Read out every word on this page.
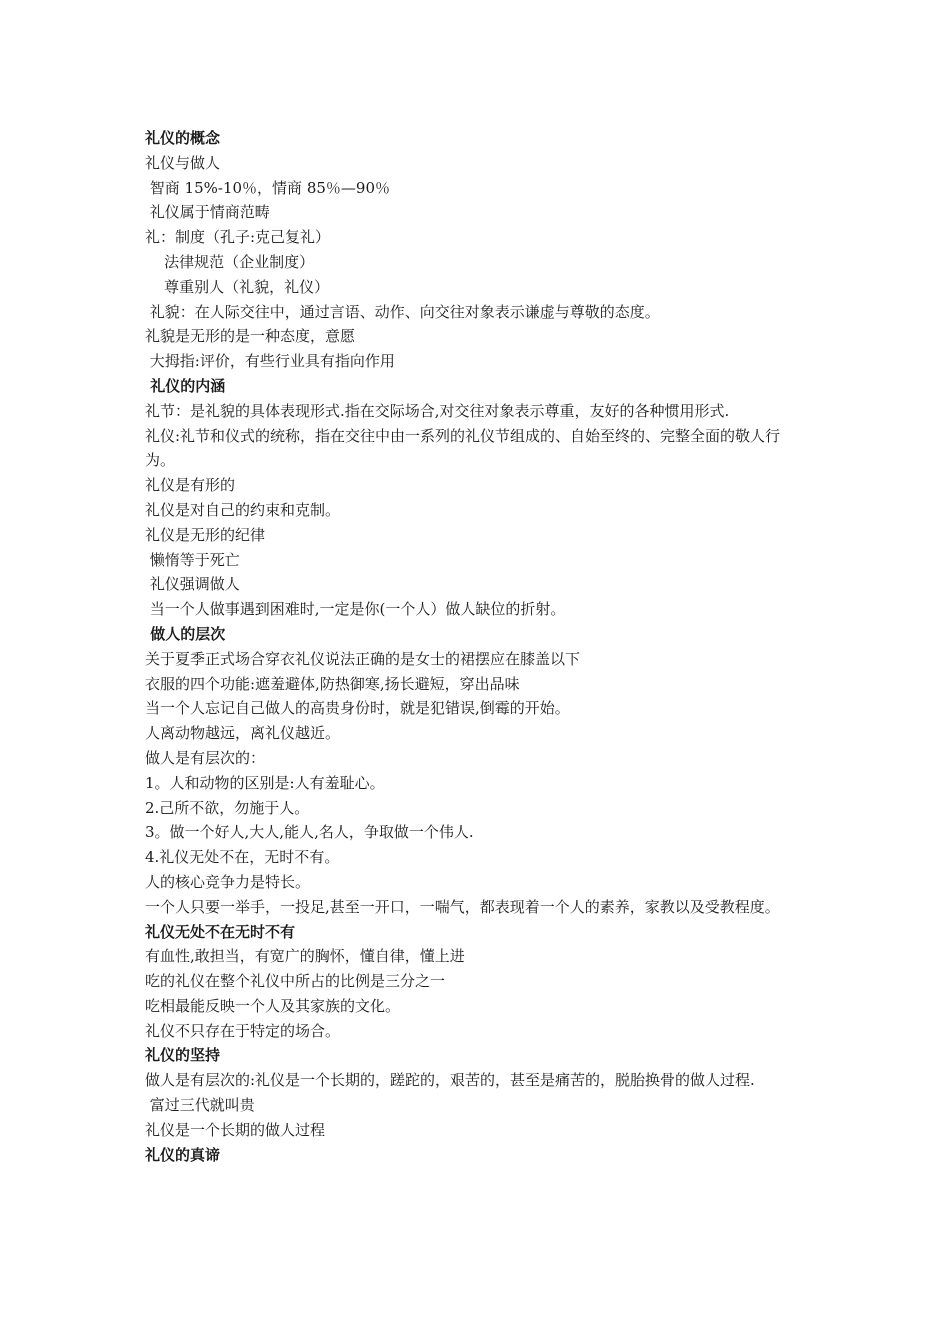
礼仪的概念

礼仪与做人

智商 15%-10％，情商 85％—90％

礼仪属于情商范畴

礼：制度（孔子:克己复礼）

法律规范（企业制度）

尊重别人（礼貌，礼仪）

礼貌：在人际交往中，通过言语、动作、向交往对象表示谦虚与尊敬的态度。

礼貌是无形的是一种态度，意愿

大拇指:评价，有些行业具有指向作用

礼仪的内涵

礼节：是礼貌的具体表现形式.指在交际场合,对交往对象表示尊重，友好的各种惯用形式.

礼仪:礼节和仪式的统称，指在交往中由一系列的礼仪节组成的、自始至终的、完整全面的敬人行为。

礼仪是有形的

礼仪是对自己的约束和克制。

礼仪是无形的纪律

懒惰等于死亡

礼仪强调做人

当一个人做事遇到困难时,一定是你(一个人）做人缺位的折射。

做人的层次

关于夏季正式场合穿衣礼仪说法正确的是女士的裙摆应在膝盖以下

衣服的四个功能:遮羞避体,防热御寒,扬长避短，穿出品味

当一个人忘记自己做人的高贵身份时，就是犯错误,倒霉的开始。

人离动物越远，离礼仪越近。

做人是有层次的：

1。人和动物的区别是:人有羞耻心。

2.己所不欲，勿施于人。

3。做一个好人,大人,能人,名人，争取做一个伟人.

4.礼仪无处不在，无时不有。

人的核心竞争力是特长。

一个人只要一举手，一投足,甚至一开口，一喘气，都表现着一个人的素养，家教以及受教程度。

礼仪无处不在无时不有

有血性,敢担当，有宽广的胸怀，懂自律，懂上进

吃的礼仪在整个礼仪中所占的比例是三分之一

吃相最能反映一个人及其家族的文化。

礼仪不只存在于特定的场合。

礼仪的坚持

做人是有层次的:礼仪是一个长期的，蹉跎的，艰苦的，甚至是痛苦的，脱胎换骨的做人过程.

富过三代就叫贵

礼仪是一个长期的做人过程

礼仪的真谛
